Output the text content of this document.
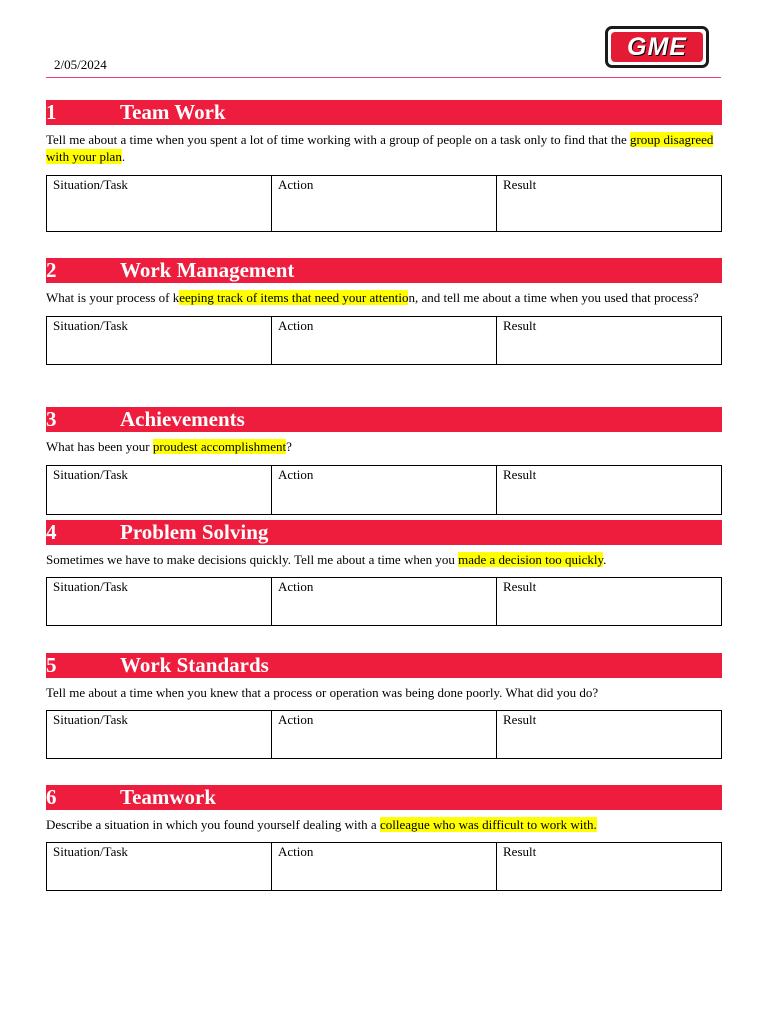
2/05/2024
GME
1	Team Work
Tell me about a time when you spent a lot of time working with a group of people on a task only to find that the group disagreed with your plan.
Situation/Task	Action	Result
2	Work Management
What is your process of keeping track of items that need your attention, and tell me about a time when you used that process?
Situation/Task	Action	Result
3	Achievements
What has been your proudest accomplishment?
Situation/Task	Action	Result
4	Problem Solving
Sometimes we have to make decisions quickly. Tell me about a time when you made a decision too quickly.
Situation/Task	Action	Result
5	Work Standards
Tell me about a time when you knew that a process or operation was being done poorly. What did you do?
Situation/Task	Action	Result
6	Teamwork
Describe a situation in which you found yourself dealing with a colleague who was difficult to work with.
Situation/Task	Action	Result
